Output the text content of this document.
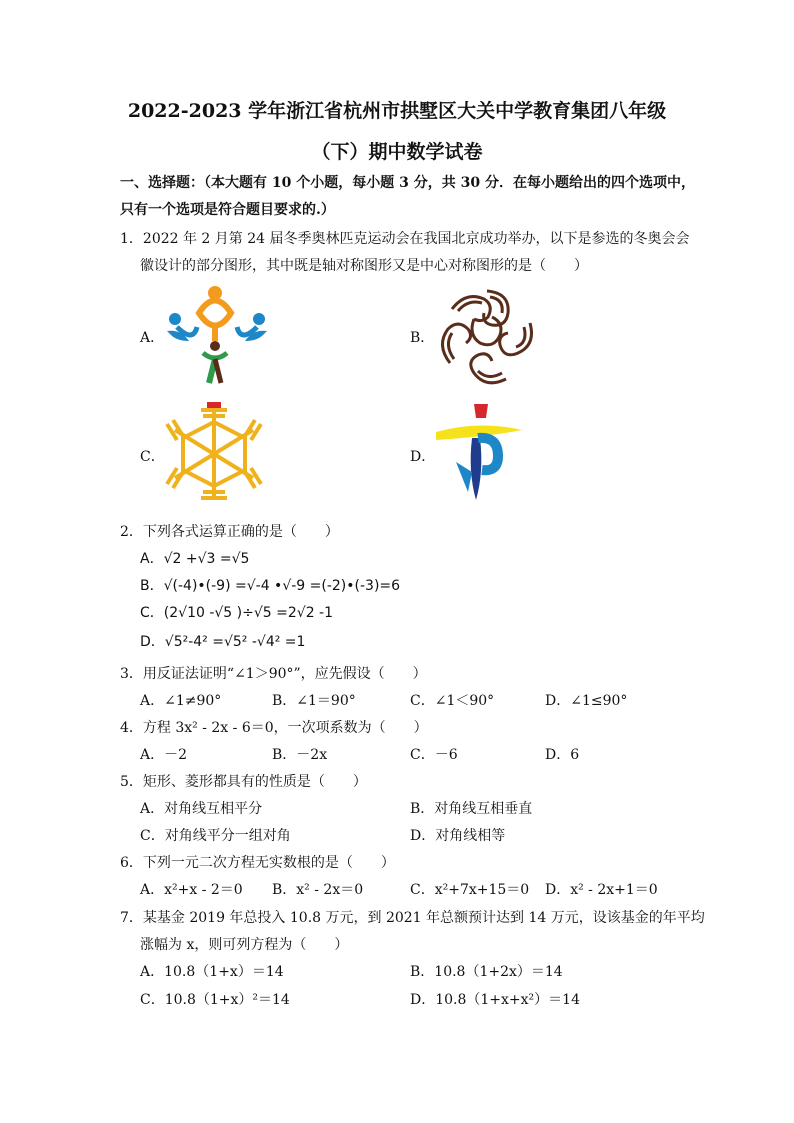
2022-2023 学年浙江省杭州市拱墅区大关中学教育集团八年级
（下）期中数学试卷
一、选择题：（本大题有 10 个小题，每小题 3 分，共 30 分．在每小题给出的四个选项中，
只有一个选项是符合题目要求的.）
1．2022 年 2 月第 24 届冬季奥林匹克运动会在我国北京成功举办，以下是参选的冬奥会会
徽设计的部分图形，其中既是轴对称图形又是中心对称图形的是（　　）
A．	B．
C．	D．
2．下列各式运算正确的是（　　）
A．√2 +√3 =√5
B．√(-4)•(-9) =√-4 •√-9 =(-2)•(-3)=6
C．(2√10 -√5 )÷√5 =2√2 -1
D．√5²-4² =√5² -√4² =1
3．用反证法证明“∠1＞90°”，应先假设（　　）
A．∠1≠90°	B．∠1＝90°	C．∠1＜90°	D．∠1≤90°
4．方程 3x² - 2x - 6＝0，一次项系数为（　　）
A．－2	B．－2x	C．－6	D．6
5．矩形、菱形都具有的性质是（　　）
A．对角线互相平分	B．对角线互相垂直
C．对角线平分一组对角	D．对角线相等
6．下列一元二次方程无实数根的是（　　）
A．x²+x - 2＝0 B．x² - 2x＝0	C．x²+7x+15＝0 D．x² - 2x+1＝0
7．某基金 2019 年总投入 10.8 万元，到 2021 年总额预计达到 14 万元，设该基金的年平均
涨幅为 x，则可列方程为（　　）
A．10.8（1+x）＝14	B．10.8（1+2x）＝14
C．10.8（1+x）²＝14	D．10.8（1+x+x²）＝14
